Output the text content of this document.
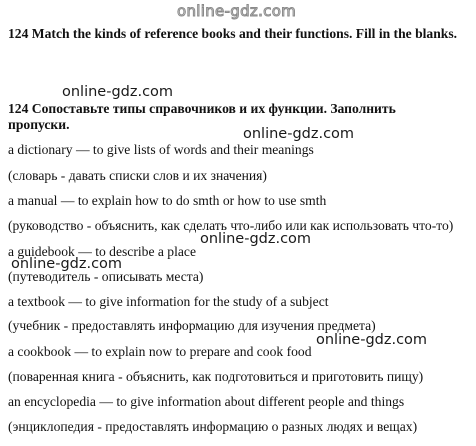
online-gdz.com

124 Match the kinds of reference books and their functions. Fill in the blanks.

online-gdz.com

124 Сопоставьте типы справочников и их функции. Заполнить

пропуски.

online-gdz.com

a dictionary — to give lists of words and their meanings

(словарь - давать списки слов и их значения)

a manual — to explain how to do smth or how to use smth

(руководство - объяснить, как сделать что-либо или как использовать что-то)

online-gdz.com

a guidebook — to describe a place

online-gdz.com

(путеводитель - описывать места)

a textbook — to give information for the study of a subject

(учебник - предоставлять информацию для изучения предмета)

online-gdz.com

a cookbook — to explain now to prepare and cook food

(поваренная книга - объяснить, как подготовиться и приготовить пищу)

an encyclopedia — to give information about different people and things

(энциклопедия - предоставлять информацию о разных людях и вещах)
